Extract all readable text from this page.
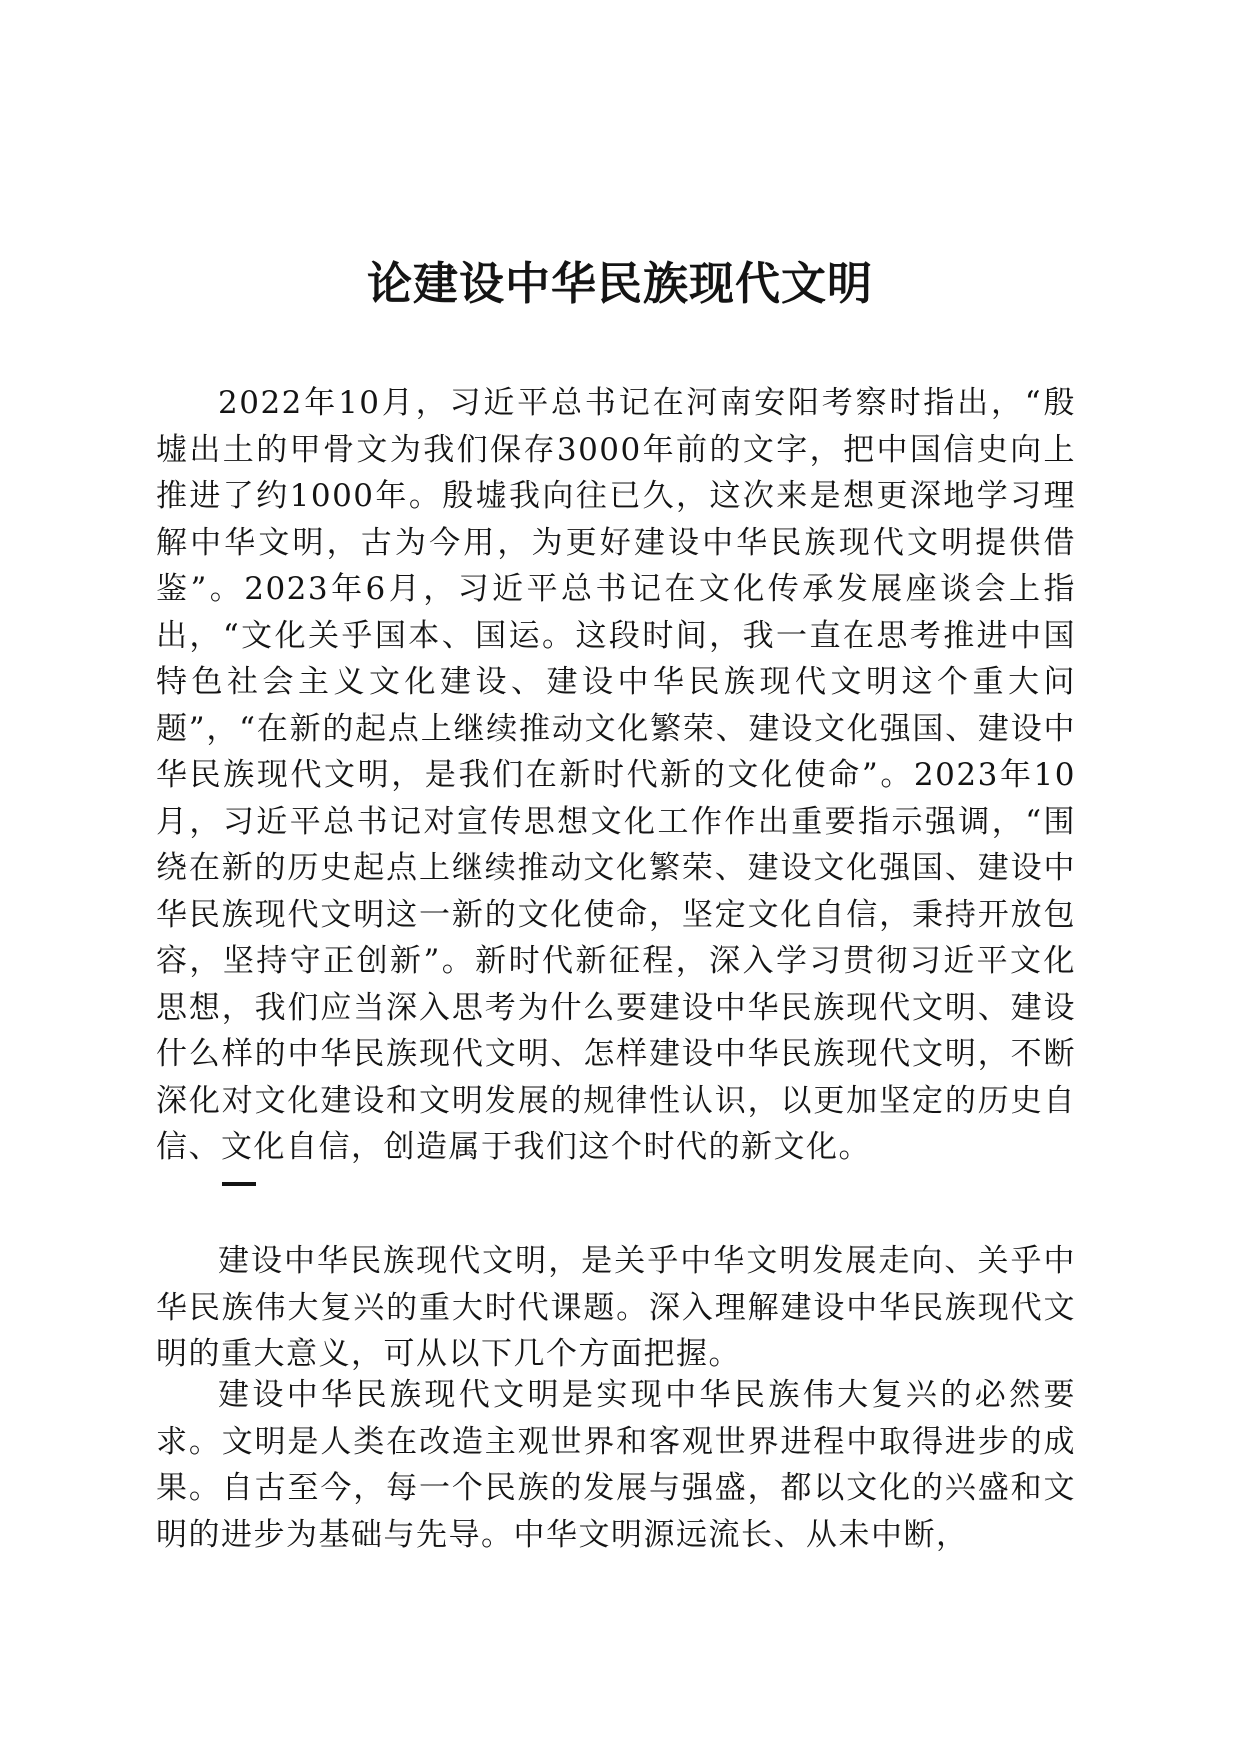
论建设中华民族现代文明

2022年10月，习近平总书记在河南安阳考察时指出，“殷墟出土的甲骨文为我们保存3000年前的文字，把中国信史向上推进了约1000年。殷墟我向往已久，这次来是想更深地学习理解中华文明，古为今用，为更好建设中华民族现代文明提供借鉴”。2023年6月，习近平总书记在文化传承发展座谈会上指出，“文化关乎国本、国运。这段时间，我一直在思考推进中国特色社会主义文化建设、建设中华民族现代文明这个重大问题”，“在新的起点上继续推动文化繁荣、建设文化强国、建设中华民族现代文明，是我们在新时代新的文化使命”。2023年10月，习近平总书记对宣传思想文化工作作出重要指示强调，“围绕在新的历史起点上继续推动文化繁荣、建设文化强国、建设中华民族现代文明这一新的文化使命，坚定文化自信，秉持开放包容，坚持守正创新”。新时代新征程，深入学习贯彻习近平文化思想，我们应当深入思考为什么要建设中华民族现代文明、建设什么样的中华民族现代文明、怎样建设中华民族现代文明，不断深化对文化建设和文明发展的规律性认识，以更加坚定的历史自信、文化自信，创造属于我们这个时代的新文化。

建设中华民族现代文明，是关乎中华文明发展走向、关乎中华民族伟大复兴的重大时代课题。深入理解建设中华民族现代文明的重大意义，可从以下几个方面把握。

建设中华民族现代文明是实现中华民族伟大复兴的必然要求。文明是人类在改造主观世界和客观世界进程中取得进步的成果。自古至今，每一个民族的发展与强盛，都以文化的兴盛和文明的进步为基础与先导。中华文明源远流长、从未中断，
